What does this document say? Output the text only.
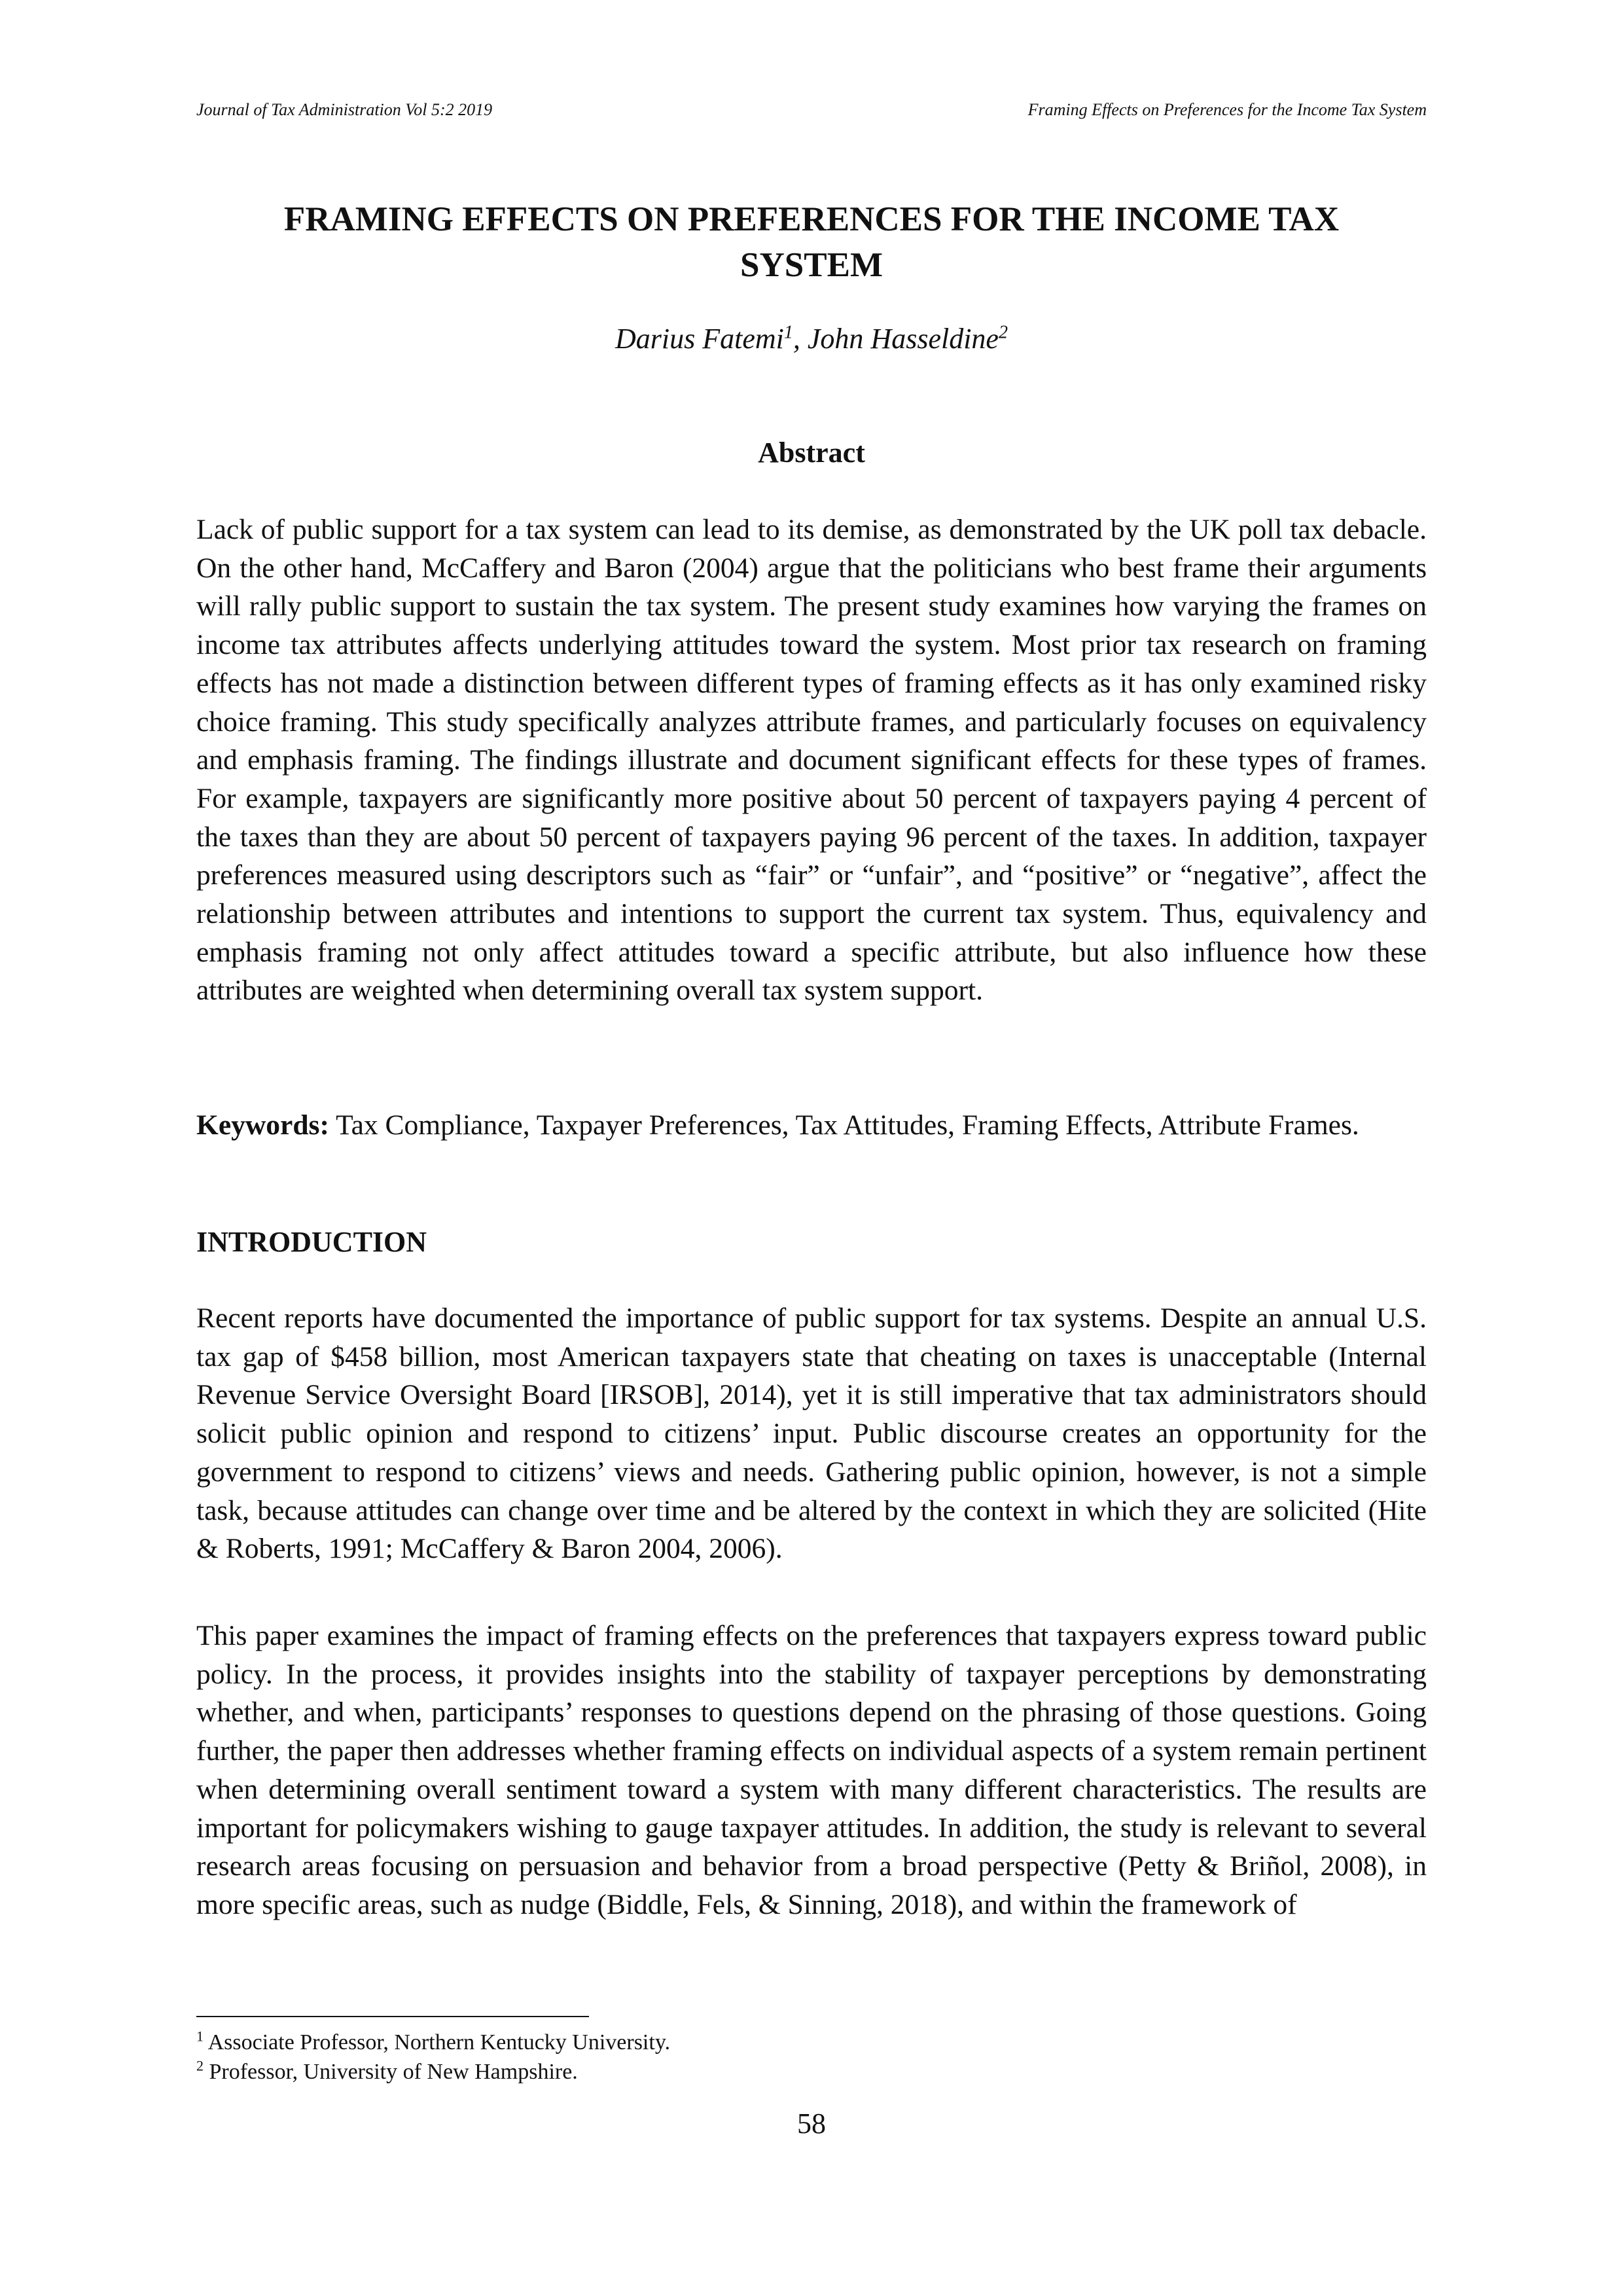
Journal of Tax Administration Vol 5:2 2019	Framing Effects on Preferences for the Income Tax System
FRAMING EFFECTS ON PREFERENCES FOR THE INCOME TAX SYSTEM
Darius Fatemi$^1$, John Hasseldine$^2$
Abstract

Lack of public support for a tax system can lead to its demise, as demonstrated by the UK poll tax debacle. On the other hand, McCaffery and Baron (2004) argue that the politicians who best frame their arguments will rally public support to sustain the tax system. The present study examines how varying the frames on income tax attributes affects underlying attitudes toward the system. Most prior tax research on framing effects has not made a distinction between different types of framing effects as it has only examined risky choice framing. This study specifically analyzes attribute frames, and particularly focuses on equivalency and emphasis framing. The findings illustrate and document significant effects for these types of frames. For example, taxpayers are significantly more positive about 50 percent of taxpayers paying 4 percent of the taxes than they are about 50 percent of taxpayers paying 96 percent of the taxes. In addition, taxpayer preferences measured using descriptors such as “fair” or “unfair”, and “positive” or “negative”, affect the relationship between attributes and intentions to support the current tax system. Thus, equivalency and emphasis framing not only affect attitudes toward a specific attribute, but also influence how these attributes are weighted when determining overall tax system support.

Keywords: Tax Compliance, Taxpayer Preferences, Tax Attitudes, Framing Effects, Attribute Frames.

INTRODUCTION

Recent reports have documented the importance of public support for tax systems. Despite an annual U.S. tax gap of $458 billion, most American taxpayers state that cheating on taxes is unacceptable (Internal Revenue Service Oversight Board [IRSOB], 2014), yet it is still imperative that tax administrators should solicit public opinion and respond to citizens’ input. Public discourse creates an opportunity for the government to respond to citizens’ views and needs. Gathering public opinion, however, is not a simple task, because attitudes can change over time and be altered by the context in which they are solicited (Hite & Roberts, 1991; McCaffery & Baron 2004, 2006).

This paper examines the impact of framing effects on the preferences that taxpayers express toward public policy. In the process, it provides insights into the stability of taxpayer perceptions by demonstrating whether, and when, participants’ responses to questions depend on the phrasing of those questions. Going further, the paper then addresses whether framing effects on individual aspects of a system remain pertinent when determining overall sentiment toward a system with many different characteristics. The results are important for policymakers wishing to gauge taxpayer attitudes. In addition, the study is relevant to several research areas focusing on persuasion and behavior from a broad perspective (Petty & Briñol, 2008), in more specific areas, such as nudge (Biddle, Fels, & Sinning, 2018), and within the framework of

$^1$ Associate Professor, Northern Kentucky University.
$^2$ Professor, University of New Hampshire.
58
